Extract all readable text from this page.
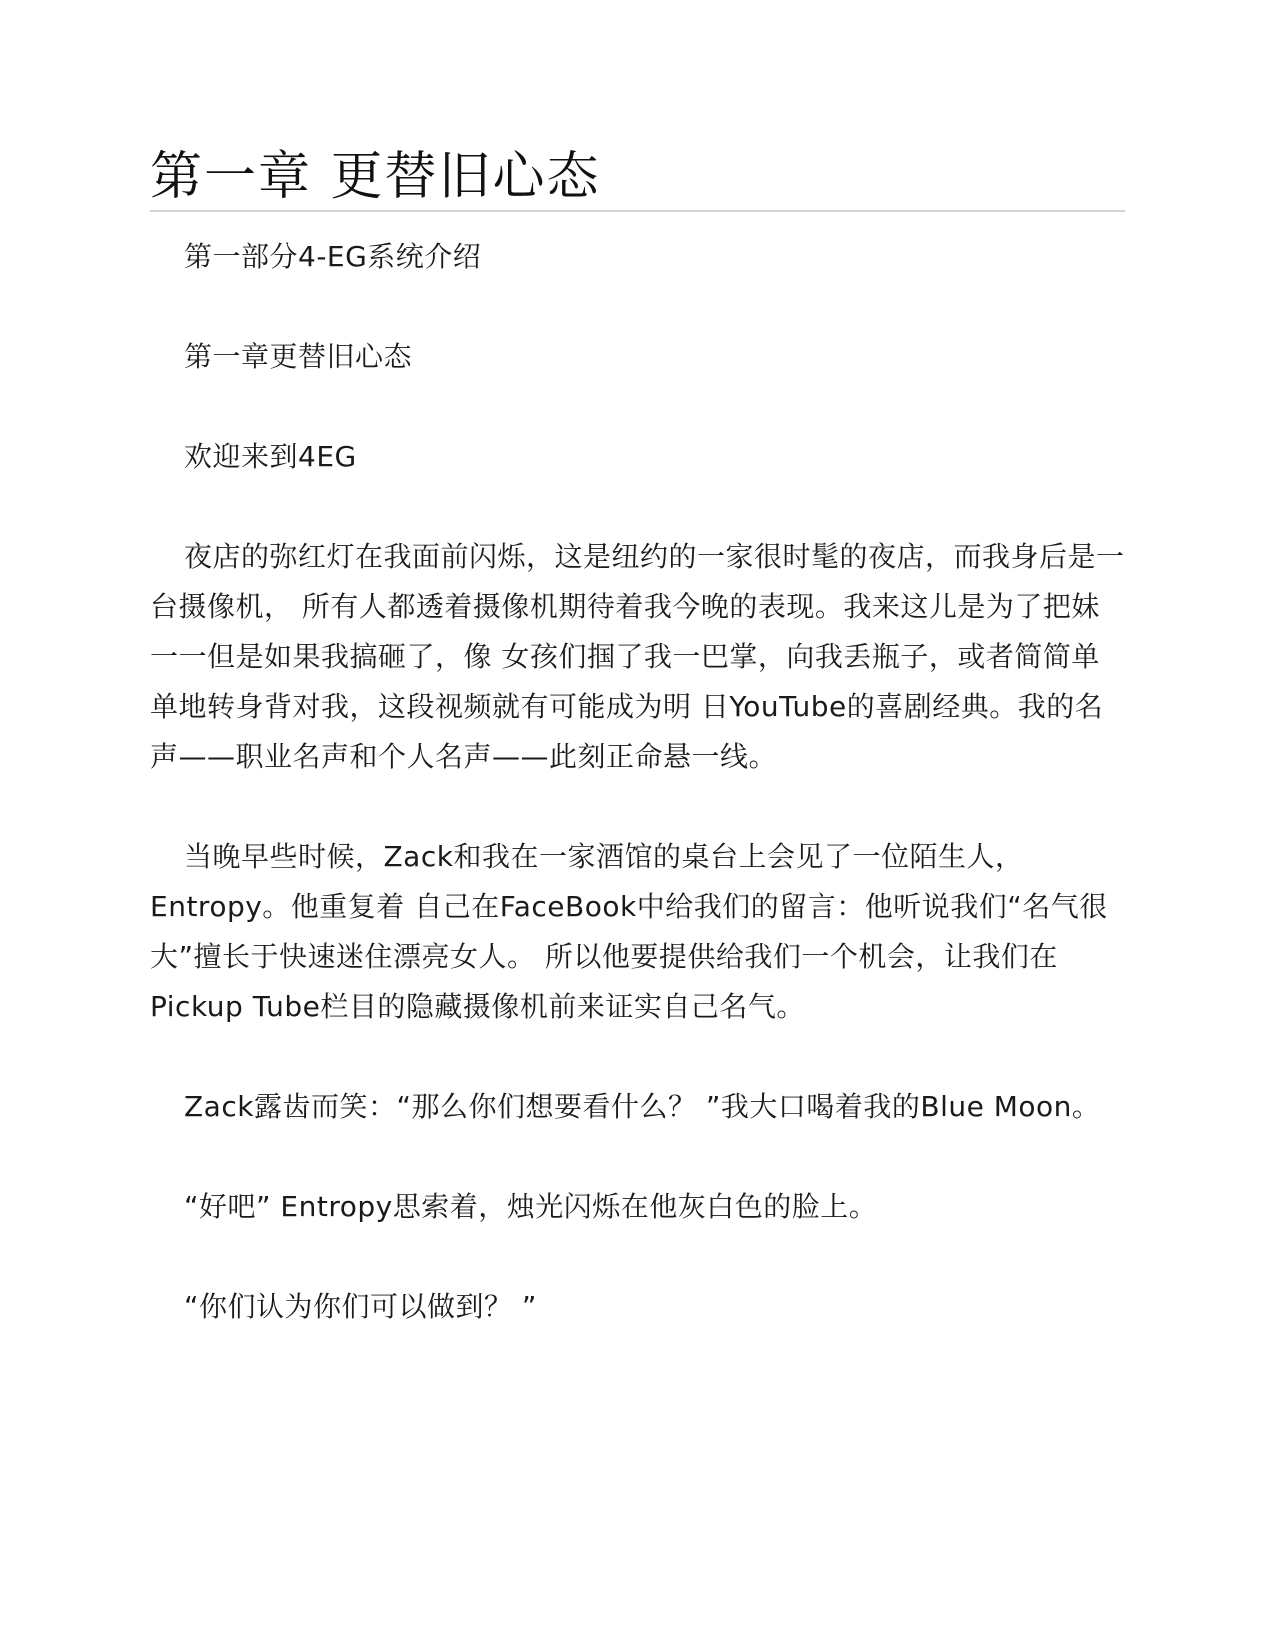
第一章 更替旧心态

第一部分4-EG系统介绍

第一章更替旧心态

欢迎来到4EG

夜店的弥红灯在我面前闪烁，这是纽约的一家很时髦的夜店，而我身后是一台摄像机， 所有人都透着摄像机期待着我今晚的表现。我来这儿是为了把妹一一但是如果我搞砸了，像 女孩们掴了我一巴掌，向我丢瓶子，或者简简单单地转身背对我，这段视频就有可能成为明 日YouTube的喜剧经典。我的名声——职业名声和个人名声——此刻正命悬一线。

当晚早些时候，Zack和我在一家酒馆的桌台上会见了一位陌生人，Entropy。他重复着 自己在FaceBook中给我们的留言：他听说我们“名气很大”擅长于快速迷住漂亮女人。 所以他要提供给我们一个机会，让我们在Pickup Tube栏目的隐藏摄像机前来证实自己名气。

Zack露齿而笑：“那么你们想要看什么？ ”我大口喝着我的Blue Moon。

“好吧” Entropy思索着，烛光闪烁在他灰白色的脸上。

“你们认为你们可以做到？ ”
